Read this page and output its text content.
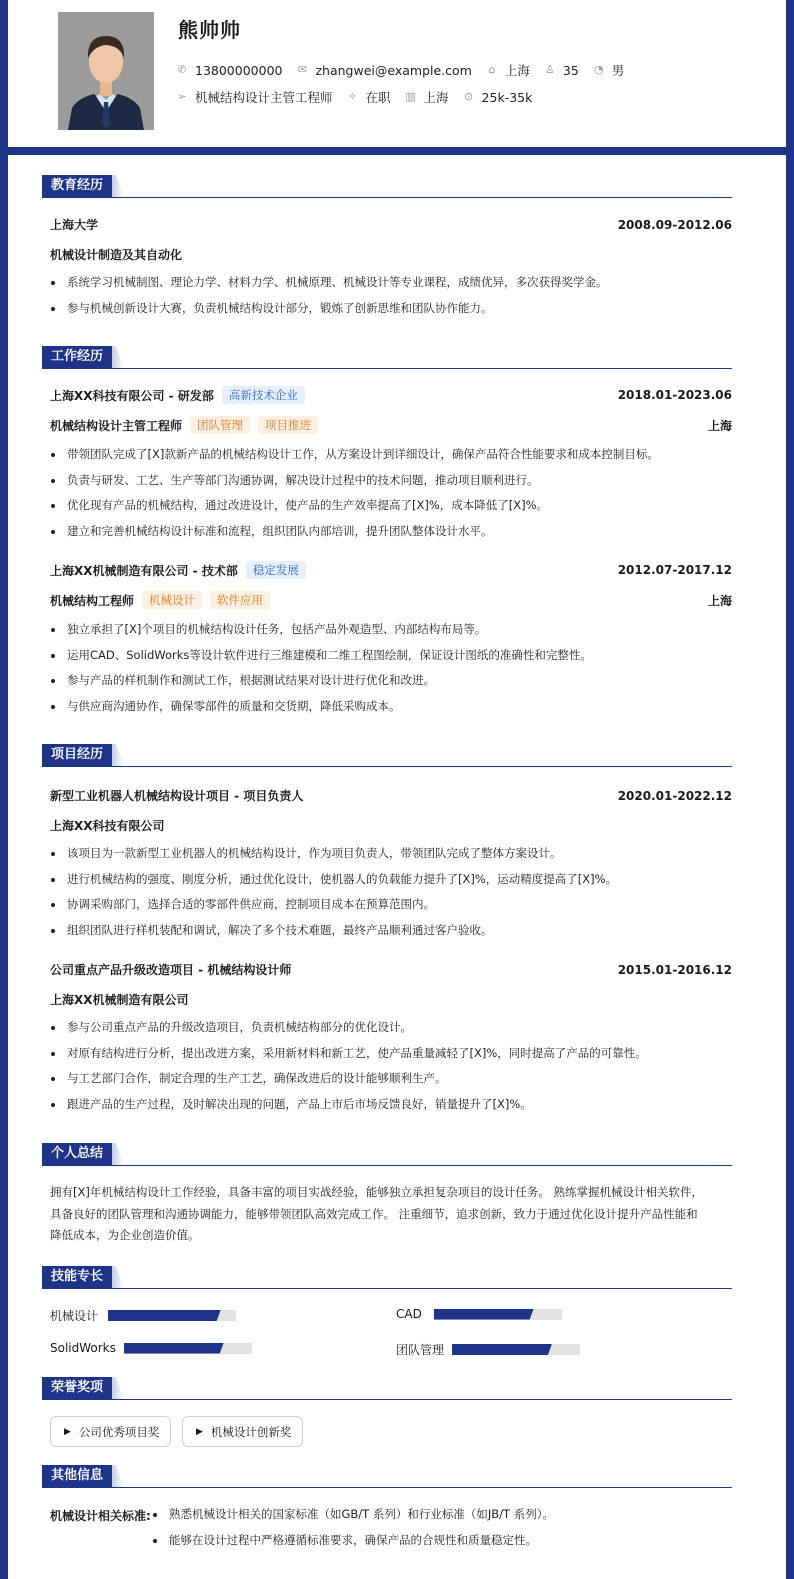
熊帅帅
✆ 13800000000 ✉ zhangwei@example.com ⌂ 上海 ♙ 35 ◔ 男
➢ 机械结构设计主管工程师 ✧ 在职 ▥ 上海 ⊙ 25k-35k
教育经历
上海大学	2008.09-2012.06
机械设计制造及其自动化
系统学习机械制图、理论力学、材料力学、机械原理、机械设计等专业课程，成绩优异，多次获得奖学金。
参与机械创新设计大赛，负责机械结构设计部分，锻炼了创新思维和团队协作能力。
工作经历
上海XX科技有限公司 - 研发部	高新技术企业	2018.01-2023.06
机械结构设计主管工程师	团队管理	项目推进	上海
带领团队完成了[X]款新产品的机械结构设计工作，从方案设计到详细设计，确保产品符合性能要求和成本控制目标。
负责与研发、工艺、生产等部门沟通协调，解决设计过程中的技术问题，推动项目顺利进行。
优化现有产品的机械结构，通过改进设计，使产品的生产效率提高了[X]%，成本降低了[X]%。
建立和完善机械结构设计标准和流程，组织团队内部培训，提升团队整体设计水平。
上海XX机械制造有限公司 - 技术部	稳定发展	2012.07-2017.12
机械结构工程师	机械设计	软件应用	上海
独立承担了[X]个项目的机械结构设计任务，包括产品外观造型、内部结构布局等。
运用CAD、SolidWorks等设计软件进行三维建模和二维工程图绘制，保证设计图纸的准确性和完整性。
参与产品的样机制作和测试工作，根据测试结果对设计进行优化和改进。
与供应商沟通协作，确保零部件的质量和交货期，降低采购成本。
项目经历
新型工业机器人机械结构设计项目 - 项目负责人	2020.01-2022.12
上海XX科技有限公司
该项目为一款新型工业机器人的机械结构设计，作为项目负责人，带领团队完成了整体方案设计。
进行机械结构的强度、刚度分析，通过优化设计，使机器人的负载能力提升了[X]%，运动精度提高了[X]%。
协调采购部门，选择合适的零部件供应商，控制项目成本在预算范围内。
组织团队进行样机装配和调试，解决了多个技术难题，最终产品顺利通过客户验收。
公司重点产品升级改造项目 - 机械结构设计师	2015.01-2016.12
上海XX机械制造有限公司
参与公司重点产品的升级改造项目，负责机械结构部分的优化设计。
对原有结构进行分析，提出改进方案，采用新材料和新工艺，使产品重量减轻了[X]%，同时提高了产品的可靠性。
与工艺部门合作，制定合理的生产工艺，确保改进后的设计能够顺利生产。
跟进产品的生产过程，及时解决出现的问题，产品上市后市场反馈良好，销量提升了[X]%。
个人总结
拥有[X]年机械结构设计工作经验，具备丰富的项目实战经验，能够独立承担复杂项目的设计任务。 熟练掌握机械设计相关软件，
具备良好的团队管理和沟通协调能力，能够带领团队高效完成工作。 注重细节，追求创新，致力于通过优化设计提升产品性能和
降低成本，为企业创造价值。
技能专长
机械设计	CAD
SolidWorks	团队管理
荣誉奖项
▶ 公司优秀项目奖	▶ 机械设计创新奖
其他信息
机械设计相关标准:	熟悉机械设计相关的国家标准（如GB/T 系列）和行业标准（如JB/T 系列）。
能够在设计过程中严格遵循标准要求，确保产品的合规性和质量稳定性。
